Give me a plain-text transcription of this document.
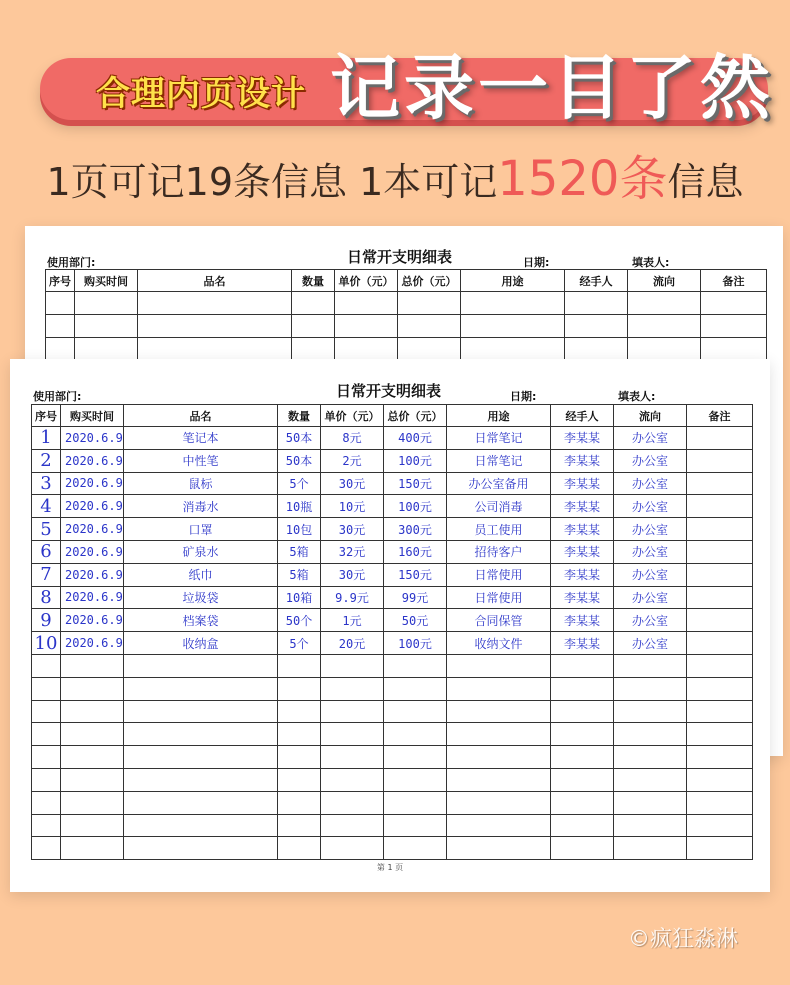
合理内页设计 记录一目了然
1页可记19条信息 1本可记1520条信息
使用部门:	日常开支明细表	日期:	填表人:
序号	购买时间	品名	数量	单价（元）	总价（元）	用途	经手人	流向	备注

使用部门:	日常开支明细表	日期:	填表人:
序号	购买时间	品名	数量	单价（元）	总价（元）	用途	经手人	流向	备注
1	2020.6.9	笔记本	50本	8元	400元	日常笔记	李某某	办公室	
2	2020.6.9	中性笔	50本	2元	100元	日常笔记	李某某	办公室	
3	2020.6.9	鼠标	5个	30元	150元	办公室备用	李某某	办公室	
4	2020.6.9	消毒水	10瓶	10元	100元	公司消毒	李某某	办公室	
5	2020.6.9	口罩	10包	30元	300元	员工使用	李某某	办公室	
6	2020.6.9	矿泉水	5箱	32元	160元	招待客户	李某某	办公室	
7	2020.6.9	纸巾	5箱	30元	150元	日常使用	李某某	办公室	
8	2020.6.9	垃圾袋	10箱	9.9元	99元	日常使用	李某某	办公室	
9	2020.6.9	档案袋	50个	1元	50元	合同保管	李某某	办公室	
10	2020.6.9	收纳盒	5个	20元	100元	收纳文件	李某某	办公室	

第 1 页
©疯狂淼淋
